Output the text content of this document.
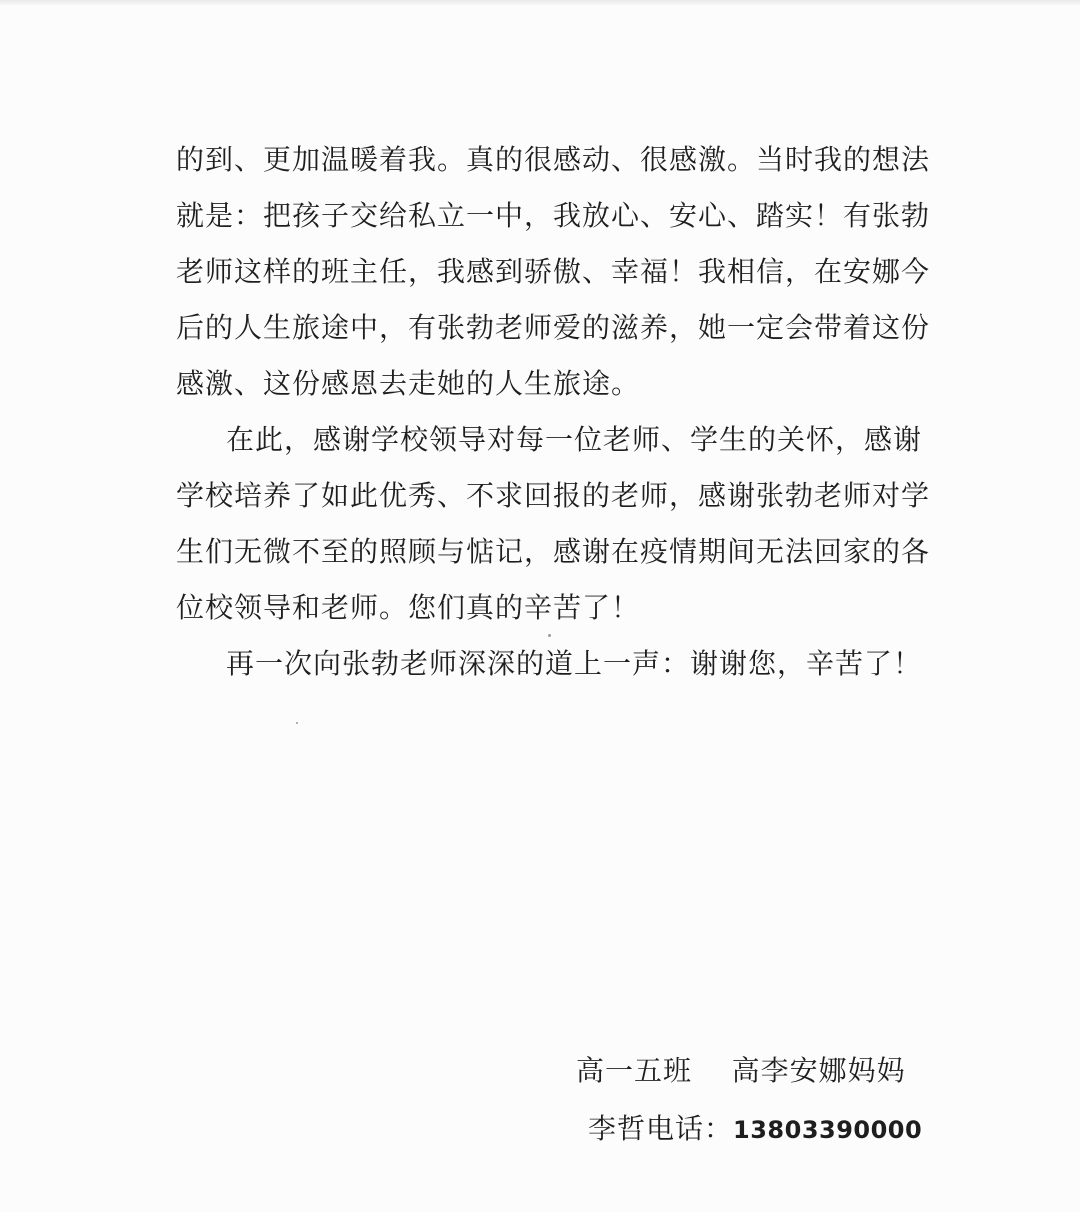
的到、更加温暖着我。真的很感动、很感激。当时我的想法
就是：把孩子交给私立一中，我放心、安心、踏实！有张勃
老师这样的班主任，我感到骄傲、幸福！我相信，在安娜今
后的人生旅途中，有张勃老师爱的滋养，她一定会带着这份
感激、这份感恩去走她的人生旅途。
在此，感谢学校领导对每一位老师、学生的关怀，感谢
学校培养了如此优秀、不求回报的老师，感谢张勃老师对学
生们无微不至的照顾与惦记，感谢在疫情期间无法回家的各
位校领导和老师。您们真的辛苦了！
再一次向张勃老师深深的道上一声：谢谢您，辛苦了！
高一五班 高李安娜妈妈
李哲电话：13803390000
